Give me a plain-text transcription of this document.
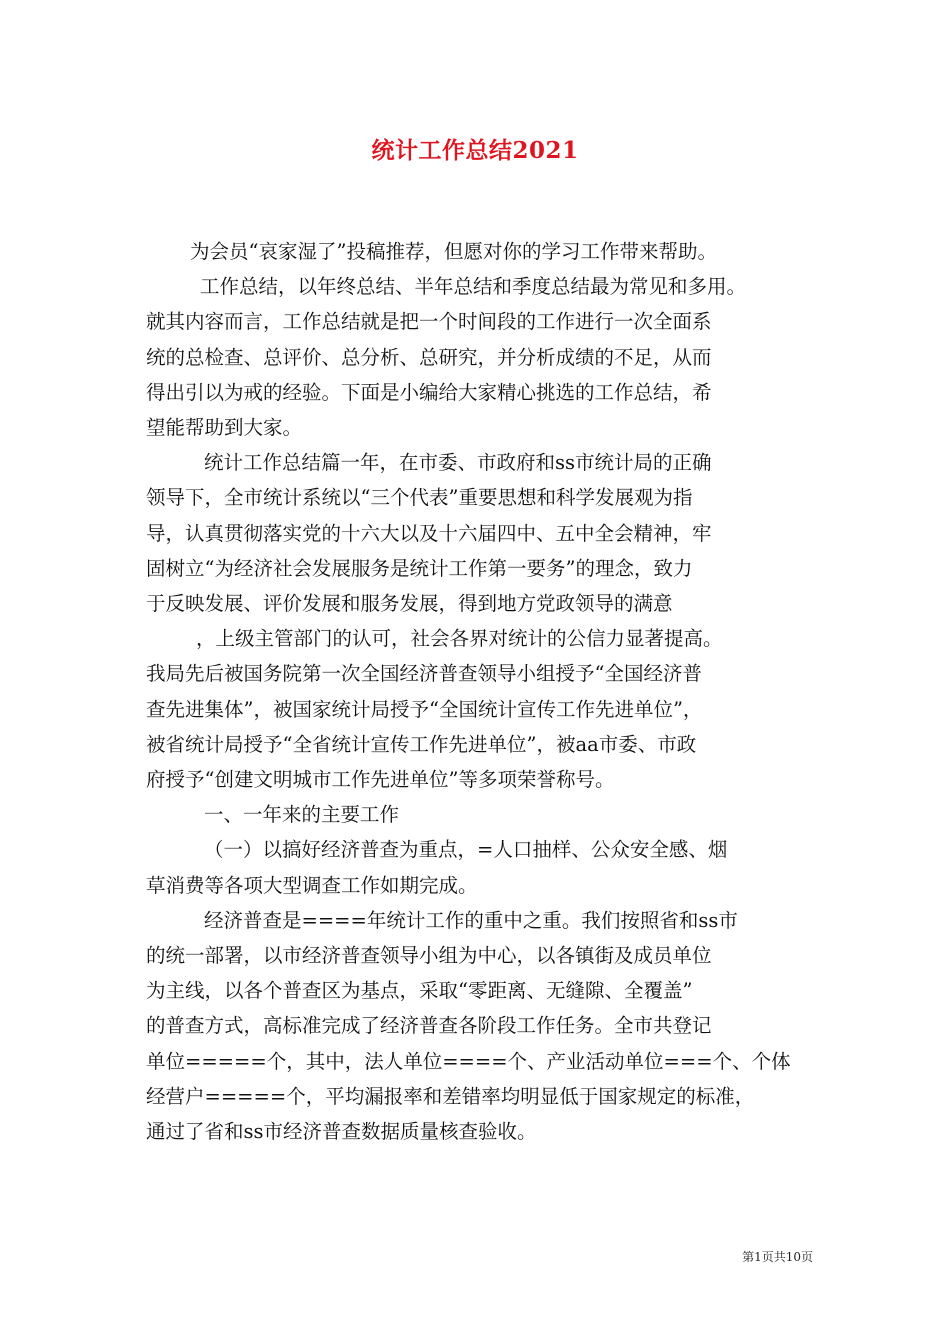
统计工作总结2021

为会员“哀家湿了”投稿推荐，但愿对你的学习工作带来帮助。

工作总结，以年终总结、半年总结和季度总结最为常见和多用。

就其内容而言，工作总结就是把一个时间段的工作进行一次全面系

统的总检查、总评价、总分析、总研究，并分析成绩的不足，从而

得出引以为戒的经验。下面是小编给大家精心挑选的工作总结，希

望能帮助到大家。

统计工作总结篇一年，在市委、市政府和ss市统计局的正确

领导下，全市统计系统以“三个代表”重要思想和科学发展观为指

导，认真贯彻落实党的十六大以及十六届四中、五中全会精神，牢

固树立“为经济社会发展服务是统计工作第一要务”的理念，致力

于反映发展、评价发展和服务发展，得到地方党政领导的满意

，上级主管部门的认可，社会各界对统计的公信力显著提高。

我局先后被国务院第一次全国经济普查领导小组授予“全国经济普

查先进集体”，被国家统计局授予“全国统计宣传工作先进单位”，

被省统计局授予“全省统计宣传工作先进单位”，被aa市委、市政

府授予“创建文明城市工作先进单位”等多项荣誉称号。

一、一年来的主要工作

（一）以搞好经济普查为重点，=人口抽样、公众安全感、烟

草消费等各项大型调查工作如期完成。

经济普查是====年统计工作的重中之重。我们按照省和ss市

的统一部署，以市经济普查领导小组为中心，以各镇街及成员单位

为主线，以各个普查区为基点，采取“零距离、无缝隙、全覆盖”

的普查方式，高标准完成了经济普查各阶段工作任务。全市共登记

单位=====个，其中，法人单位====个、产业活动单位===个、个体

经营户=====个，平均漏报率和差错率均明显低于国家规定的标准，

通过了省和ss市经济普查数据质量核查验收。

第1页共10页
